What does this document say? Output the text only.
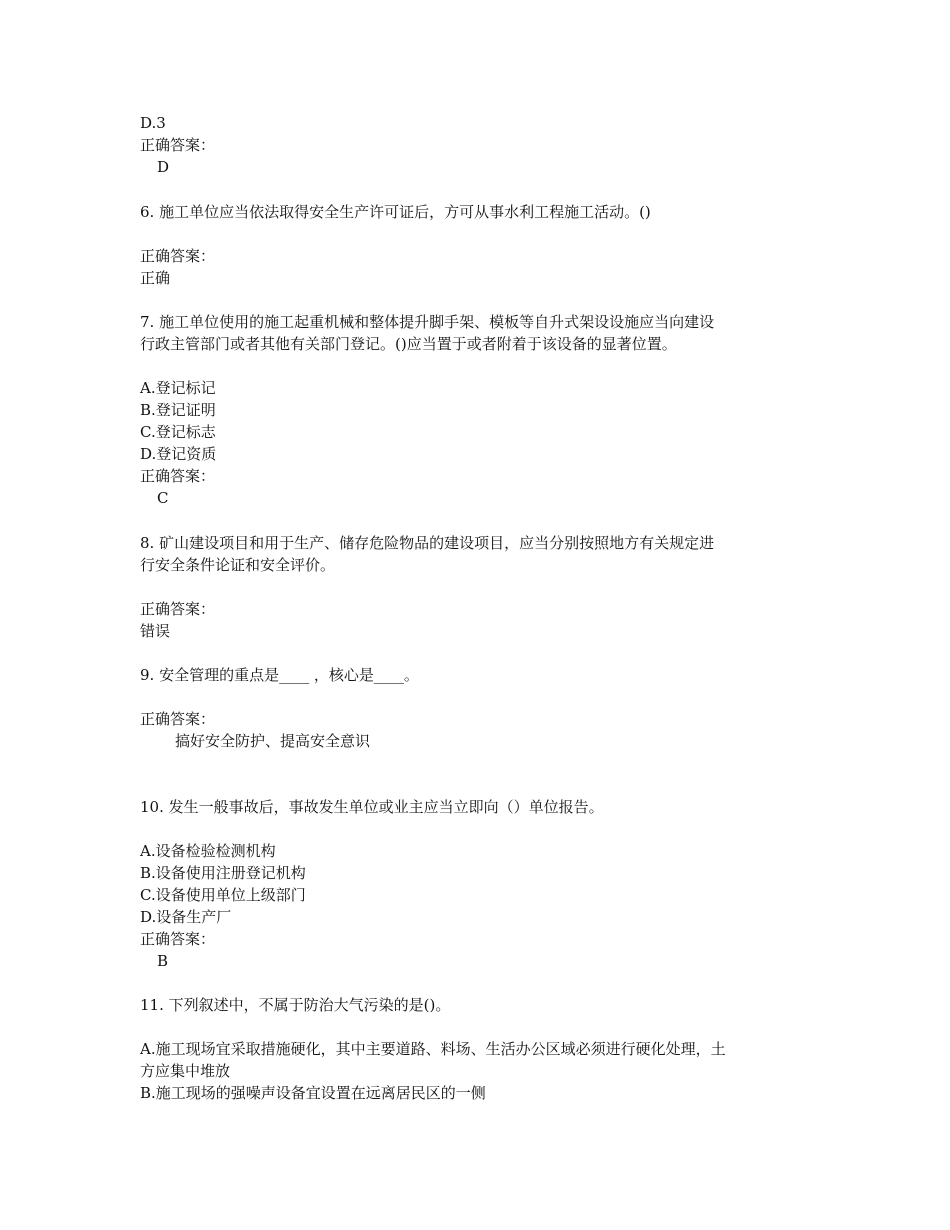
D.3
正确答案：
D
6. 施工单位应当依法取得安全生产许可证后，方可从事水利工程施工活动。()
正确答案：
正确
7. 施工单位使用的施工起重机械和整体提升脚手架、模板等自升式架设设施应当向建设
行政主管部门或者其他有关部门登记。()应当置于或者附着于该设备的显著位置。
A.登记标记
B.登记证明
C.登记标志
D.登记资质
正确答案：
C
8. 矿山建设项目和用于生产、储存危险物品的建设项目，应当分别按照地方有关规定进
行安全条件论证和安全评价。
正确答案：
错误
9. 安全管理的重点是____ ，核心是____。
正确答案：
搞好安全防护、提高安全意识
10. 发生一般事故后，事故发生单位或业主应当立即向（）单位报告。
A.设备检验检测机构
B.设备使用注册登记机构
C.设备使用单位上级部门
D.设备生产厂
正确答案：
B
11. 下列叙述中，不属于防治大气污染的是()。
A.施工现场宜采取措施硬化，其中主要道路、料场、生活办公区域必须进行硬化处理，土
方应集中堆放
B.施工现场的强噪声设备宜设置在远离居民区的一侧
